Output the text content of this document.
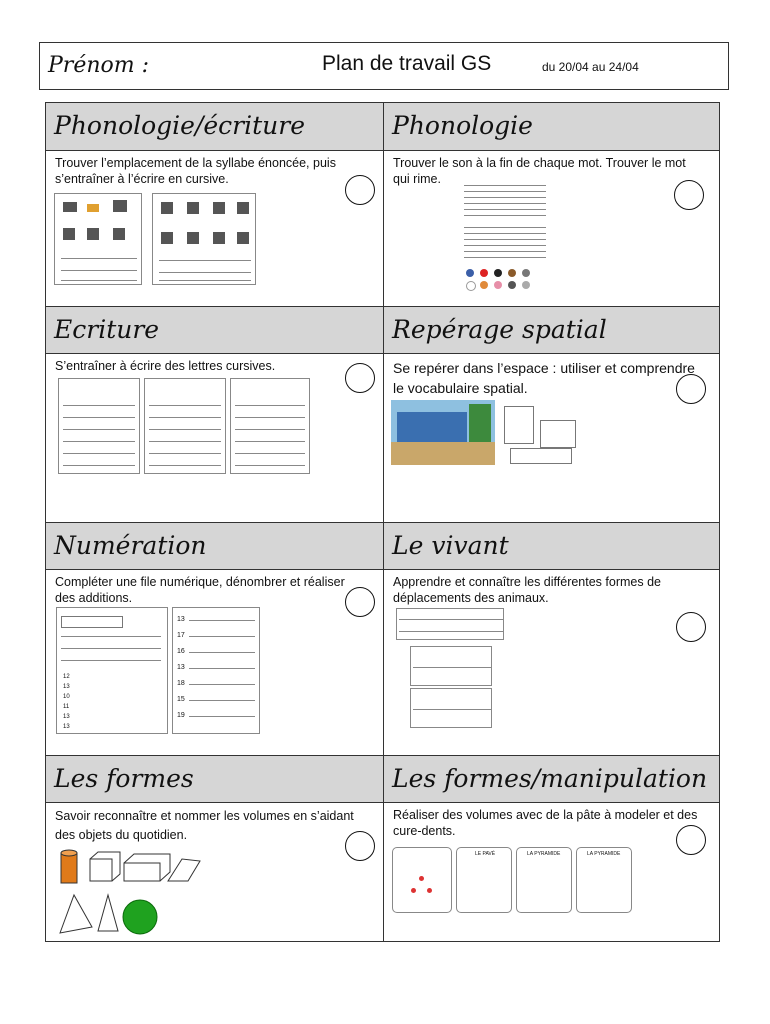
Prénom :	Plan de travail GS	du 20/04 au 24/04
Phonologie/écriture
Trouver l’emplacement de la syllabe énoncée, puis s’entraîner à l’écrire en cursive.
Phonologie
Trouver le son à la fin de chaque mot. Trouver le mot qui rime.
Ecriture
S’entraîner à écrire des lettres cursives.
Repérage spatial
Se repérer dans l’espace : utiliser et comprendre le vocabulaire spatial.
Numération
Compléter une file numérique, dénombrer et réaliser des additions.
12
13
10
11
13
13
13
17
16
13
18
15
19
Le vivant
Apprendre et connaître les différentes formes de déplacements des animaux.
Les formes
Savoir reconnaître et nommer les volumes en s’aidant des objets du quotidien.
Les formes/manipulation
Réaliser des volumes avec de la pâte à modeler et des cure-dents.
LE PAVÉ	LA PYRAMIDE	LA PYRAMIDE
